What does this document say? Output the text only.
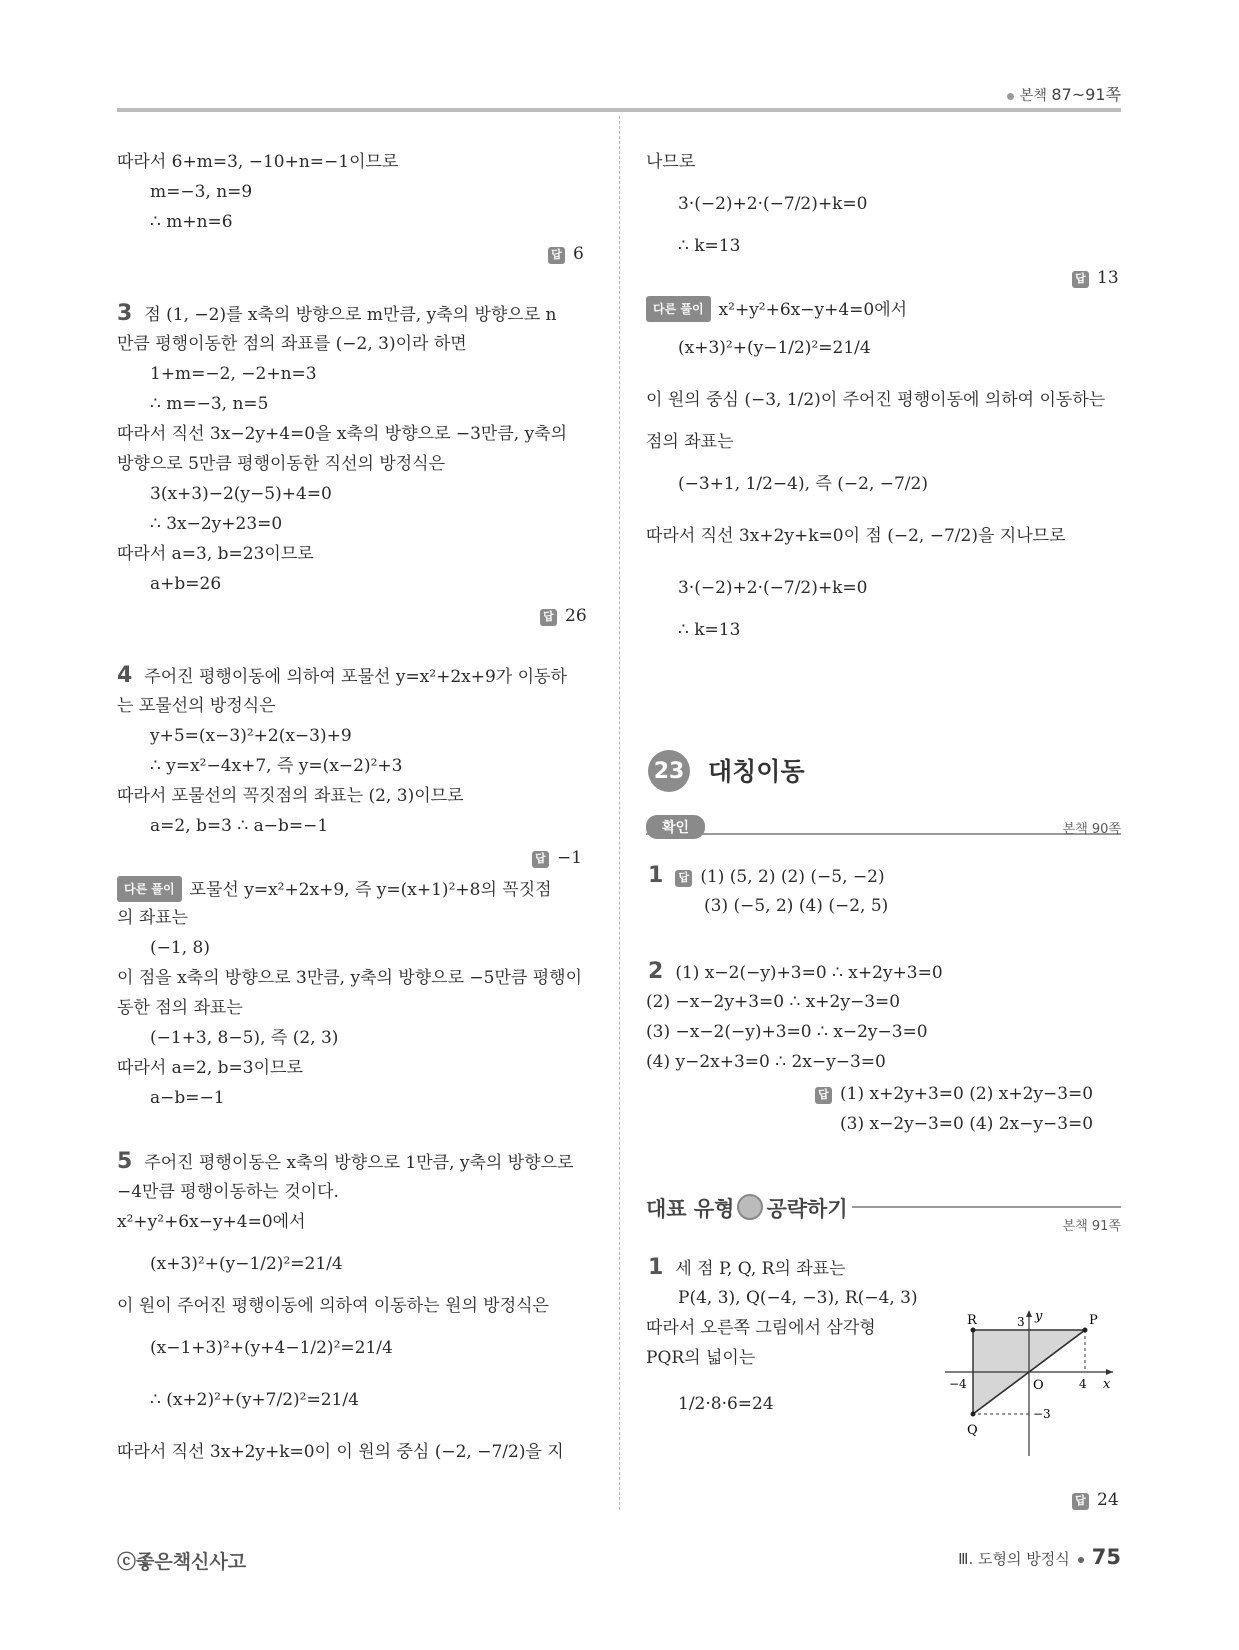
본책 87~91쪽
따라서 6+m=3, −10+n=−1이므로
m=−3, n=9
∴ m+n=6
답 6
3 점 (1, −2)를 x축의 방향으로 m만큼, y축의 방향으로 n
만큼 평행이동한 점의 좌표를 (−2, 3)이라 하면
1+m=−2, −2+n=3
∴ m=−3, n=5
따라서 직선 3x−2y+4=0을 x축의 방향으로 −3만큼, y축의
방향으로 5만큼 평행이동한 직선의 방정식은
3(x+3)−2(y−5)+4=0
∴ 3x−2y+23=0
따라서 a=3, b=23이므로
a+b=26
답 26
4 주어진 평행이동에 의하여 포물선 y=x²+2x+9가 이동하
는 포물선의 방정식은
y+5=(x−3)²+2(x−3)+9
∴ y=x²−4x+7, 즉 y=(x−2)²+3
따라서 포물선의 꼭짓점의 좌표는 (2, 3)이므로
a=2, b=3 ∴ a−b=−1
답 −1
다른 풀이 포물선 y=x²+2x+9, 즉 y=(x+1)²+8의 꼭짓점
의 좌표는
(−1, 8)
이 점을 x축의 방향으로 3만큼, y축의 방향으로 −5만큼 평행이
동한 점의 좌표는
(−1+3, 8−5), 즉 (2, 3)
따라서 a=2, b=3이므로
a−b=−1
5 주어진 평행이동은 x축의 방향으로 1만큼, y축의 방향으로
−4만큼 평행이동하는 것이다.
x²+y²+6x−y+4=0에서
(x+3)²+(y−1/2)²=21/4
이 원이 주어진 평행이동에 의하여 이동하는 원의 방정식은
(x−1+3)²+(y+4−1/2)²=21/4
∴ (x+2)²+(y+7/2)²=21/4
따라서 직선 3x+2y+k=0이 이 원의 중심 (−2, −7/2)을 지
나므로
3·(−2)+2·(−7/2)+k=0
∴ k=13
답 13
다른 풀이 x²+y²+6x−y+4=0에서
(x+3)²+(y−1/2)²=21/4
이 원의 중심 (−3, 1/2)이 주어진 평행이동에 의하여 이동하는
점의 좌표는
(−3+1, 1/2−4), 즉 (−2, −7/2)
따라서 직선 3x+2y+k=0이 점 (−2, −7/2)을 지나므로
3·(−2)+2·(−7/2)+k=0
∴ k=13
23 대칭이동
확인	본책 90쪽
1 답 (1) (5, 2) (2) (−5, −2)
(3) (−5, 2) (4) (−2, 5)
2 (1) x−2(−y)+3=0 ∴ x+2y+3=0
(2) −x−2y+3=0 ∴ x+2y−3=0
(3) −x−2(−y)+3=0 ∴ x−2y−3=0
(4) y−2x+3=0 ∴ 2x−y−3=0
답 (1) x+2y+3=0 (2) x+2y−3=0
(3) x−2y−3=0 (4) 2x−y−3=0
대표 유형 공략하기
본책 91쪽
1 세 점 P, Q, R의 좌표는
P(4, 3), Q(−4, −3), R(−4, 3)
따라서 오른쪽 그림에서 삼각형
PQR의 넓이는
1/2·8·6=24
답 24
R	P
Q
O	x
y
−4	4
3
−3
ⓒ좋은책신사고	Ⅲ. 도형의 방정식 75
